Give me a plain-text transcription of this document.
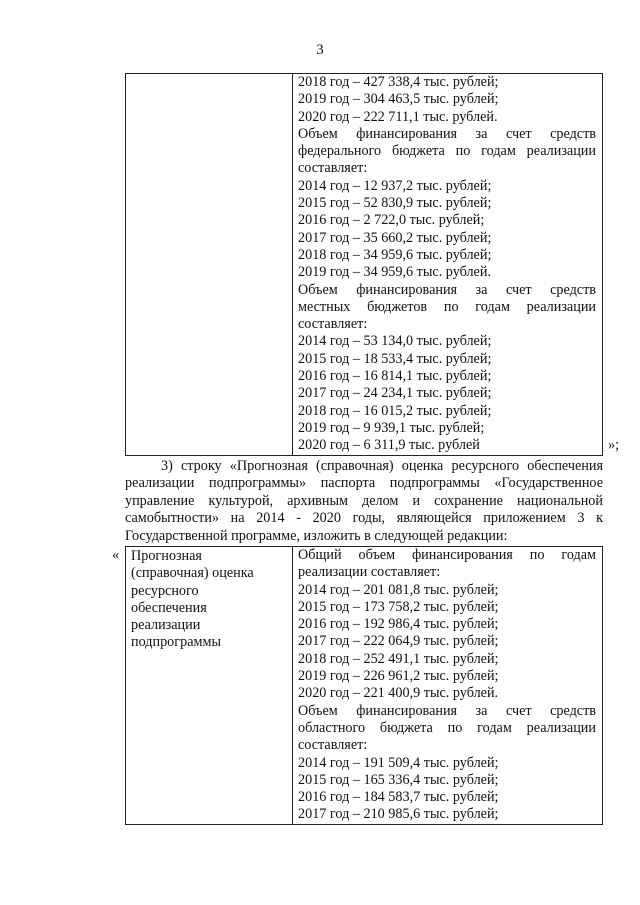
3

2018 год – 427 338,4 тыс. рублей;
2019 год – 304 463,5 тыс. рублей;
2020 год – 222 711,1 тыс. рублей.
Объем финансирования за счет средств
федерального бюджета по годам реализации
составляет:
2014 год – 12 937,2 тыс. рублей;
2015 год – 52 830,9 тыс. рублей;
2016 год – 2 722,0 тыс. рублей;
2017 год – 35 660,2 тыс. рублей;
2018 год – 34 959,6 тыс. рублей;
2019 год – 34 959,6 тыс. рублей.
Объем финансирования за счет средств
местных бюджетов по годам реализации
составляет:
2014 год – 53 134,0 тыс. рублей;
2015 год – 18 533,4 тыс. рублей;
2016 год – 16 814,1 тыс. рублей;
2017 год – 24 234,1 тыс. рублей;
2018 год – 16 015,2 тыс. рублей;
2019 год – 9 939,1 тыс. рублей;
2020 год – 6 311,9 тыс. рублей	»;

3) строку «Прогнозная (справочная) оценка ресурсного обеспечения реализации подпрограммы» паспорта подпрограммы «Государственное управление культурой, архивным делом и сохранение национальной самобытности» на 2014 - 2020 годы, являющейся приложением 3 к Государственной программе, изложить в следующей редакции:

« Прогнозная
(справочная) оценка
ресурсного
обеспечения
реализации
подпрограммы

Общий объем финансирования по годам
реализации составляет:
2014 год – 201 081,8 тыс. рублей;
2015 год – 173 758,2 тыс. рублей;
2016 год – 192 986,4 тыс. рублей;
2017 год – 222 064,9 тыс. рублей;
2018 год – 252 491,1 тыс. рублей;
2019 год – 226 961,2 тыс. рублей;
2020 год – 221 400,9 тыс. рублей.
Объем финансирования за счет средств
областного бюджета по годам реализации
составляет:
2014 год – 191 509,4 тыс. рублей;
2015 год – 165 336,4 тыс. рублей;
2016 год – 184 583,7 тыс. рублей;
2017 год – 210 985,6 тыс. рублей;
